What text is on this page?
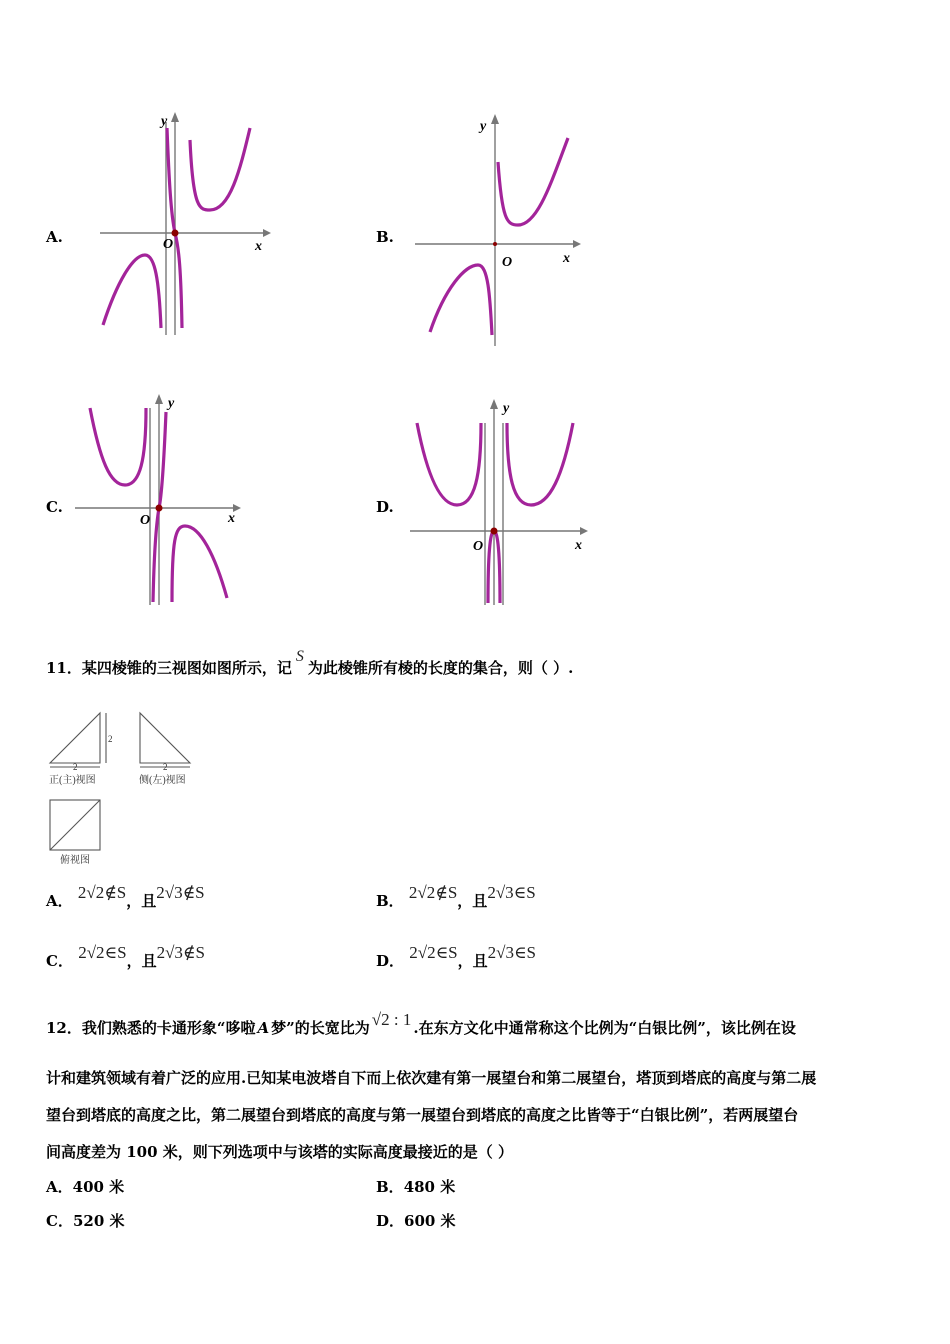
A.	O	x
y
B.
O	x
y
C.
O	x
y
D.
O	x
y
11．某四棱锥的三视图如图所示，记S为此棱锥所有棱的长度的集合，则（ ）.
2
2
2
正(主)视图	侧(左)视图
俯视图
A． 2√2∉S，且2√3∉S	B． 2√2∉S，且2√3∈S
C． 2√2∈S，且2√3∉S	D． 2√2∈S，且2√3∈S
12．我们熟悉的卡通形象“哆啦 A 梦”的长宽比为 √2 : 1 .在东方文化中通常称这个比例为“白银比例”，该比例在设
计和建筑领域有着广泛的应用.已知某电波塔自下而上依次建有第一展望台和第二展望台，塔顶到塔底的高度与第二展
望台到塔底的高度之比，第二展望台到塔底的高度与第一展望台到塔底的高度之比皆等于“白银比例”，若两展望台
间高度差为 100 米，则下列选项中与该塔的实际高度最接近的是（ ）
A．400 米	B．480 米
C．520 米	D．600 米
